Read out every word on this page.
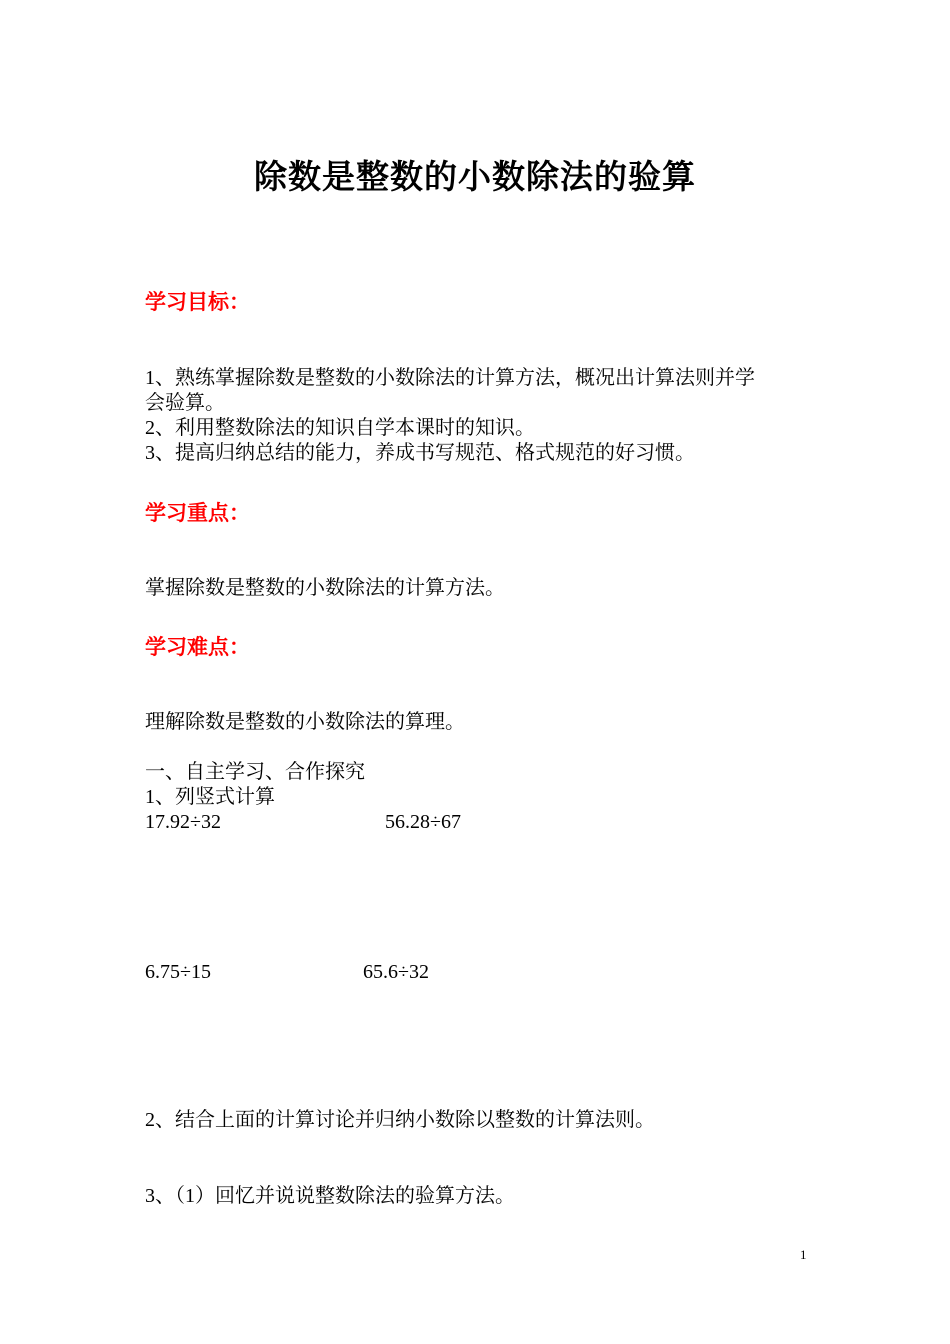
除数是整数的小数除法的验算
学习目标：
1、熟练掌握除数是整数的小数除法的计算方法，概况出计算法则并学
会验算。
2、利用整数除法的知识自学本课时的知识。
3、提高归纳总结的能力，养成书写规范、格式规范的好习惯。
学习重点：
掌握除数是整数的小数除法的计算方法。
学习难点：
理解除数是整数的小数除法的算理。
一、自主学习、合作探究
1、列竖式计算
17.92÷32	56.28÷67
6.75÷15	65.6÷32
2、结合上面的计算讨论并归纳小数除以整数的计算法则。
3、（1）回忆并说说整数除法的验算方法。
1
